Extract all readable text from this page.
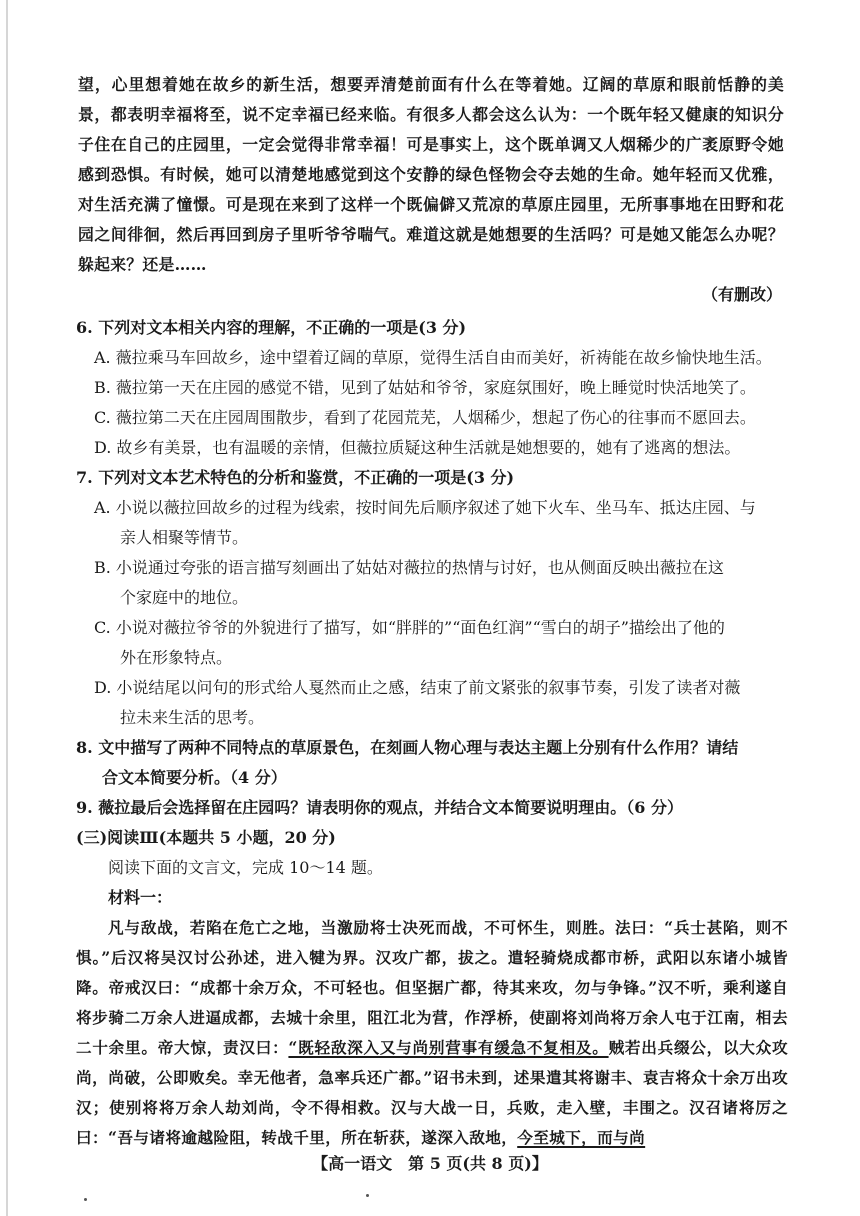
望，心里想着她在故乡的新生活，想要弄清楚前面有什么在等着她。辽阔的草原和眼前恬静的美景，都表明幸福将至，说不定幸福已经来临。有很多人都会这么认为：一个既年轻又健康的知识分子住在自己的庄园里，一定会觉得非常幸福！可是事实上，这个既单调又人烟稀少的广袤原野令她感到恐惧。有时候，她可以清楚地感觉到这个安静的绿色怪物会夺去她的生命。她年轻而又优雅，对生活充满了憧憬。可是现在来到了这样一个既偏僻又荒凉的草原庄园里，无所事事地在田野和花园之间徘徊，然后再回到房子里听爷爷喘气。难道这就是她想要的生活吗？可是她又能怎么办呢？躲起来？还是……

（有删改）

6. 下列对文本相关内容的理解，不正确的一项是(3 分)

A. 薇拉乘马车回故乡，途中望着辽阔的草原，觉得生活自由而美好，祈祷能在故乡愉快地生活。

B. 薇拉第一天在庄园的感觉不错，见到了姑姑和爷爷，家庭氛围好，晚上睡觉时快活地笑了。

C. 薇拉第二天在庄园周围散步，看到了花园荒芜，人烟稀少，想起了伤心的往事而不愿回去。

D. 故乡有美景，也有温暖的亲情，但薇拉质疑这种生活就是她想要的，她有了逃离的想法。

7. 下列对文本艺术特色的分析和鉴赏，不正确的一项是(3 分)

A. 小说以薇拉回故乡的过程为线索，按时间先后顺序叙述了她下火车、坐马车、抵达庄园、与
亲人相聚等情节。

B. 小说通过夸张的语言描写刻画出了姑姑对薇拉的热情与讨好，也从侧面反映出薇拉在这
个家庭中的地位。

C. 小说对薇拉爷爷的外貌进行了描写，如“胖胖的”“面色红润”“雪白的胡子”描绘出了他的
外在形象特点。

D. 小说结尾以问句的形式给人戛然而止之感，结束了前文紧张的叙事节奏，引发了读者对薇
拉未来生活的思考。

8. 文中描写了两种不同特点的草原景色，在刻画人物心理与表达主题上分别有什么作用？请结

合文本简要分析。（4 分）

9. 薇拉最后会选择留在庄园吗？请表明你的观点，并结合文本简要说明理由。（6 分）

(三)阅读Ⅲ(本题共 5 小题，20 分)

阅读下面的文言文，完成 10～14 题。

材料一：

凡与敌战，若陷在危亡之地，当激励将士决死而战，不可怀生，则胜。法曰：“兵士甚陷，则不惧。”后汉将吴汉讨公孙述，进入犍为界。汉攻广都，拔之。遣轻骑烧成都市桥，武阳以东诸小城皆降。帝戒汉曰：“成都十余万众，不可轻也。但坚据广都，待其来攻，勿与争锋。”汉不听，乘利遂自将步骑二万余人进逼成都，去城十余里，阻江北为营，作浮桥，使副将刘尚将万余人屯于江南，相去二十余里。帝大惊，责汉曰：“既轻敌深入又与尚别营事有缓急不复相及。贼若出兵缀公，以大众攻尚，尚破，公即败矣。幸无他者，急率兵还广都。”诏书未到，述果遣其将谢丰、袁吉将众十余万出攻汉；使别将将万余人劫刘尚，令不得相救。汉与大战一日，兵败，走入壁，丰围之。汉召诸将厉之曰：“吾与诸将逾越险阻，转战千里，所在斩获，遂深入敌地，今至城下，而与尚

【高一语文　第 5 页(共 8 页)】
